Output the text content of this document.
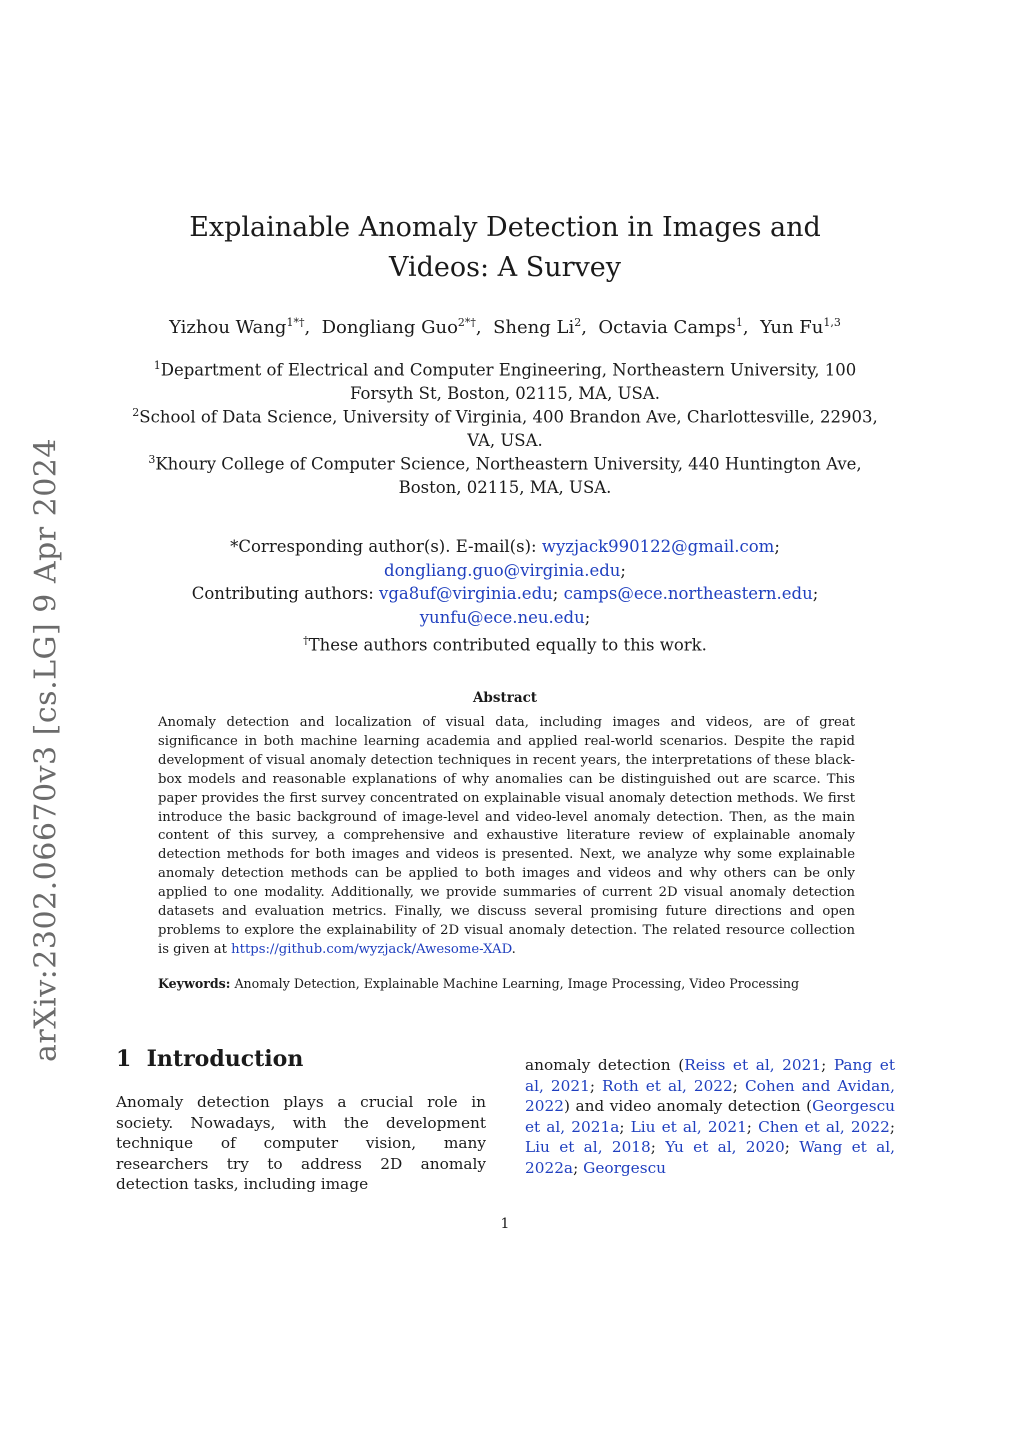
arXiv:2302.06670v3 [cs.LG] 9 Apr 2024
Explainable Anomaly Detection in Images and Videos: A Survey
Yizhou Wang$^{1*\dagger}$,  Dongliang Guo$^{2*\dagger}$,  Sheng Li$^2$,  Octavia Camps$^1$,  Yun Fu$^{1,3}$
$^1$Department of Electrical and Computer Engineering, Northeastern University, 100 Forsyth St, Boston, 02115, MA, USA.
$^2$School of Data Science, University of Virginia, 400 Brandon Ave, Charlottesville, 22903, VA, USA.
$^3$Khoury College of Computer Science, Northeastern University, 440 Huntington Ave, Boston, 02115, MA, USA.
*Corresponding author(s). E-mail(s): wyzjack990122@gmail.com;
dongliang.guo@virginia.edu;
Contributing authors: vga8uf@virginia.edu; camps@ece.northeastern.edu;
yunfu@ece.neu.edu;
†These authors contributed equally to this work.
Abstract

Anomaly detection and localization of visual data, including images and videos, are of great significance in both machine learning academia and applied real-world scenarios. Despite the rapid development of visual anomaly detection techniques in recent years, the interpretations of these black-box models and reasonable explanations of why anomalies can be distinguished out are scarce. This paper provides the first survey concentrated on explainable visual anomaly detection methods. We first introduce the basic background of image-level and video-level anomaly detection. Then, as the main content of this survey, a comprehensive and exhaustive literature review of explainable anomaly detection methods for both images and videos is presented. Next, we analyze why some explainable anomaly detection methods can be applied to both images and videos and why others can be only applied to one modality. Additionally, we provide summaries of current 2D visual anomaly detection datasets and evaluation metrics. Finally, we discuss several promising future directions and open problems to explore the explainability of 2D visual anomaly detection. The related resource collection is given at https://github.com/wyzjack/Awesome-XAD.

Keywords: Anomaly Detection, Explainable Machine Learning, Image Processing, Video Processing
1 Introduction

Anomaly detection plays a crucial role in society. Nowadays, with the development technique of computer vision, many researchers try to address 2D anomaly detection tasks, including image

anomaly detection (Reiss et al, 2021; Pang et al, 2021; Roth et al, 2022; Cohen and Avidan, 2022) and video anomaly detection (Georgescu et al, 2021a; Liu et al, 2021; Chen et al, 2022; Liu et al, 2018; Yu et al, 2020; Wang et al, 2022a; Georgescu

1
